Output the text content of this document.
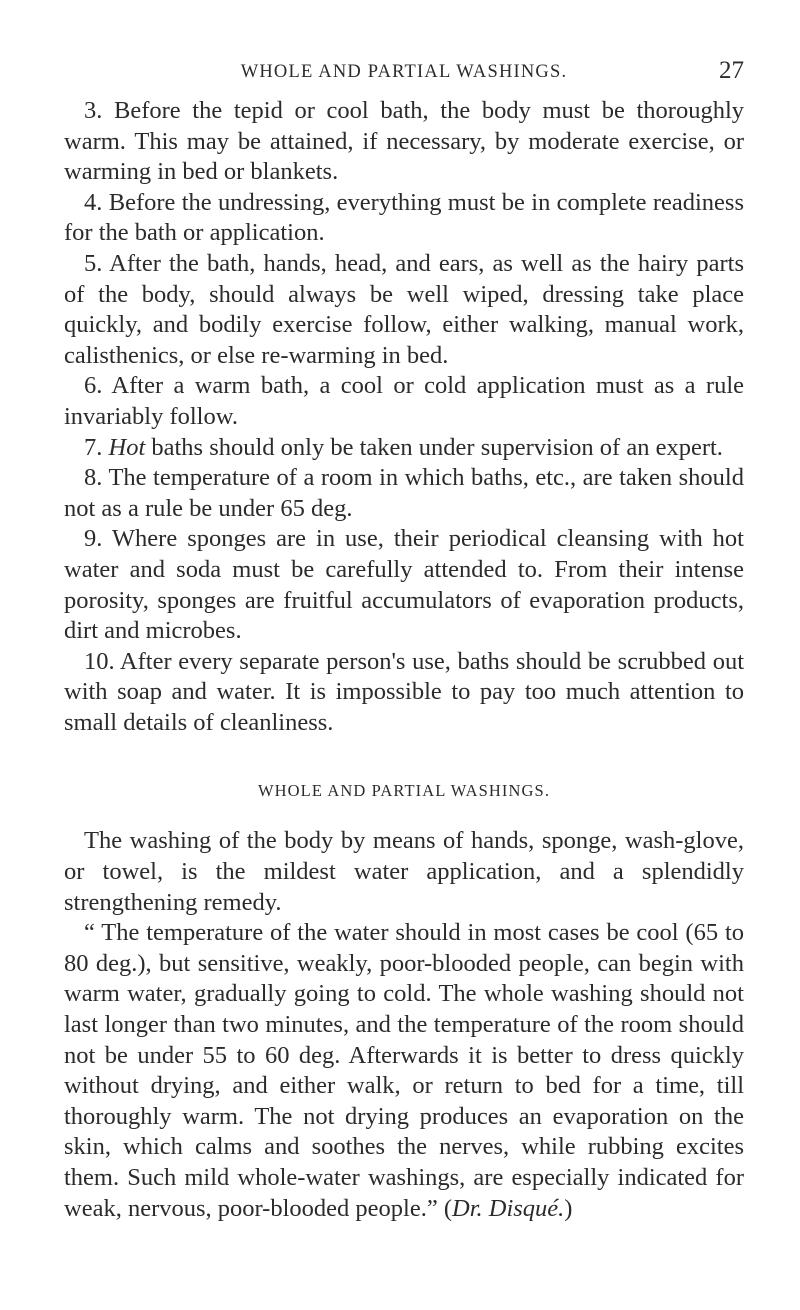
WHOLE AND PARTIAL WASHINGS.	27

3. Before the tepid or cool bath, the body must be thoroughly warm. This may be attained, if necessary, by moderate exercise, or warming in bed or blankets.

4. Before the undressing, everything must be in complete readiness for the bath or application.

5. After the bath, hands, head, and ears, as well as the hairy parts of the body, should always be well wiped, dressing take place quickly, and bodily exercise follow, either walking, manual work, calisthenics, or else re-warming in bed.

6. After a warm bath, a cool or cold application must as a rule invariably follow.

7. Hot baths should only be taken under supervision of an expert.

8. The temperature of a room in which baths, etc., are taken should not as a rule be under 65 deg.

9. Where sponges are in use, their periodical cleansing with hot water and soda must be carefully attended to. From their intense porosity, sponges are fruitful accumulators of evaporation products, dirt and microbes.

10. After every separate person's use, baths should be scrubbed out with soap and water. It is impossible to pay too much attention to small details of cleanliness.

WHOLE AND PARTIAL WASHINGS.

The washing of the body by means of hands, sponge, wash-glove, or towel, is the mildest water application, and a splendidly strengthening remedy.

“ The temperature of the water should in most cases be cool (65 to 80 deg.), but sensitive, weakly, poor-blooded people, can begin with warm water, gradually going to cold. The whole washing should not last longer than two minutes, and the temperature of the room should not be under 55 to 60 deg. Afterwards it is better to dress quickly without drying, and either walk, or return to bed for a time, till thoroughly warm. The not drying produces an evaporation on the skin, which calms and soothes the nerves, while rubbing excites them. Such mild whole-water washings, are especially indicated for weak, nervous, poor-blooded people.” (Dr. Disqué.)
